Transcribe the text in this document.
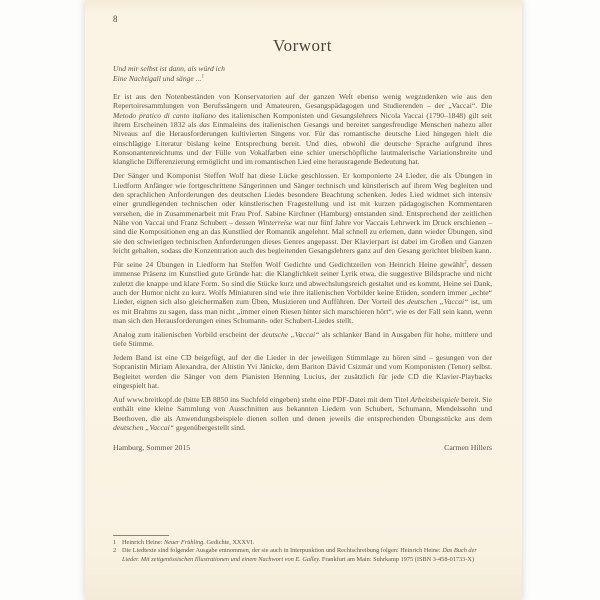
8
Vorwort
Und mir selbst ist dann, als würd ich
Eine Nachtigall und sänge ...$^1$

Er ist aus den Notenbeständen von Konservatorien auf der ganzen Welt ebenso wenig wegzudenken wie aus den Repertoiresammlungen von Berufssängern und Amateuren, Gesangspädagogen und Studierenden – der „Vaccai“. Die Metodo pratico di canto italiano des italienischen Komponisten und Gesangslehrers Nicola Vaccai (1790–1848) gilt seit ihrem Erscheinen 1832 als das Einmaleins des italienischen Gesangs und bereitet sangesfreudige Menschen nahezu aller Niveaus auf die Herausforderungen kultivierten Singens vor. Für das romantische deutsche Lied hingegen hielt die einschlägige Literatur bislang keine Entsprechung bereit. Und dies, obwohl die deutsche Sprache aufgrund ihres Konsonantenreichtums und der Fülle von Vokalfarben eine schier unerschöpfliche lautmalerische Variationsbreite und klangliche Differenzierung ermöglicht und im romantischen Lied eine herausragende Bedeutung hat.

Der Sänger und Komponist Steffen Wolf hat diese Lücke geschlossen. Er komponierte 24 Lieder, die als Übungen in Liedform Anfänger wie fortgeschrittene Sängerinnen und Sänger technisch und künstlerisch auf ihrem Weg begleiten und den sprachlichen Anforderungen des deutschen Liedes besondere Beachtung schenken. Jedes Lied widmet sich intensiv einer grundlegenden technischen oder künstlerischen Fragestellung und ist mit kurzen pädagogischen Kommentaren versehen, die in Zusammenarbeit mit Frau Prof. Sabine Kirchner (Hamburg) entstanden sind. Entsprechend der zeitlichen Nähe von Vaccai und Franz Schubert – dessen Winterreise war nur fünf Jahre vor Vaccais Lehrwerk im Druck erschienen – sind die Kompositionen eng an das Kunstlied der Romantik angelehnt. Mal schnell zu erlernen, dann wieder Übungen, sind sie den schwierigen technischen Anforderungen dieses Genres angepasst. Der Klavierpart ist dabei im Großen und Ganzen leicht gehalten, sodass die Konzentration auch des begleitenden Gesangslehrers ganz auf den Gesang gerichtet bleiben kann.

Für seine 24 Übungen in Liedform hat Steffen Wolf Gedichte und Gedichtzeilen von Heinrich Heine gewählt$^2$, dessen immense Präsenz im Kunstlied gute Gründe hat: die Klanglichkeit seiner Lyrik etwa, die suggestive Bildsprache und nicht zuletzt die knappe und klare Form. So sind die Stücke kurz und abwechslungsreich gestaltet und es kommt, Heine sei Dank, auch der Humor nicht zu kurz. Wolfs Miniaturen sind wie ihre italienischen Vorbilder keine Etüden, sondern immer „echte“ Lieder, eignen sich also gleichermaßen zum Üben, Musizieren und Aufführen. Der Vorteil des deutschen „Vaccai“ ist, um es mit Brahms zu sagen, dass man nicht „immer einen Riesen hinter sich marschieren hört“, wie es der Fall sein kann, wenn man sich den Herausforderungen eines Schumann- oder Schubert-Liedes stellt.

Analog zum italienischen Vorbild erscheint der deutsche „Vaccai“ als schlanker Band in Ausgaben für hohe, mittlere und tiefe Stimme.

Jedem Band ist eine CD beigefügt, auf der die Lieder in der jeweiligen Stimmlage zu hören sind – gesungen von der Sopranistin Miriam Alexandra, der Altistin Yvi Jänicke, dem Bariton Dávid Csizmár und vom Komponisten (Tenor) selbst. Begleitet werden die Sänger von dem Pianisten Henning Lucius, der zusätzlich für jede CD die Klavier-Playbacks eingespielt hat.

Auf www.breitkopf.de (bitte EB 8850 ins Suchfeld eingeben) steht eine PDF-Datei mit dem Titel Arbeitsbeispiele bereit. Sie enthält eine kleine Sammlung von Ausschnitten aus bekannten Liedern von Schubert, Schumann, Mendelssohn und Beethoven, die als Anwendungsbeispiele dienen sollen und denen jeweils die entsprechenden Übungsstücke aus dem deutschen „Vaccai“ gegenübergestellt sind.

Hamburg, Sommer 2015	Carmen Hillers
1 Heinrich Heine: Neuer Frühling. Gedichte, XXXVI.
2 Die Liedtexte sind folgender Ausgabe entnommen, der sie auch in Interpunktion und Rechtschreibung folgen: Heinrich Heine: Das Buch der Lieder. Mit zeitgenössischen Illustrationen und einem Nachwort von E. Galley. Frankfurt am Main: Suhrkamp 1975 (ISBN 3-458-01733-X)
